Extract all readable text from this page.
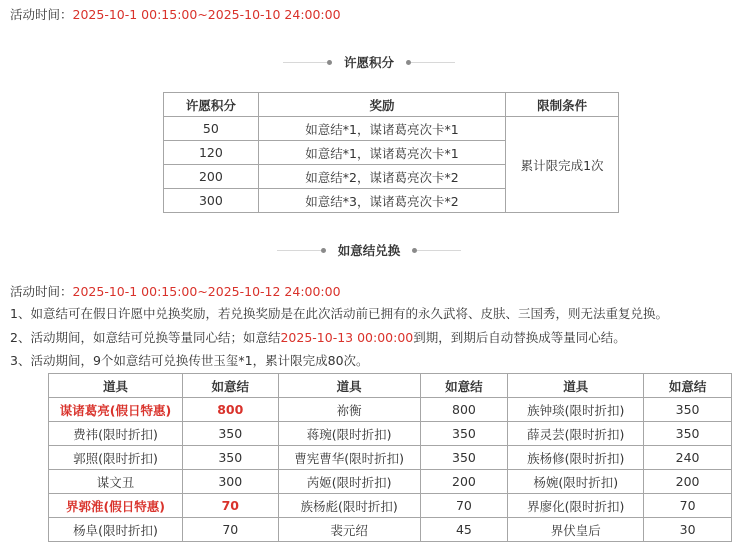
活动时间：2025-10-1 00:15:00~2025-10-10 24:00:00
许愿积分
许愿积分	奖励	限制条件
50	如意结*1，谋诸葛亮次卡*1	累计限完成1次
120	如意结*1，谋诸葛亮次卡*1	
200	如意结*2，谋诸葛亮次卡*2	
300	如意结*3，谋诸葛亮次卡*2	
如意结兑换
活动时间：2025-10-1 00:15:00~2025-10-12 24:00:00
1、如意结可在假日许愿中兑换奖励，若兑换奖励是在此次活动前已拥有的永久武将、皮肤、三国秀，则无法重复兑换。
2、活动期间，如意结可兑换等量同心结；如意结2025-10-13 00:00:00到期，到期后自动替换成等量同心结。
3、活动期间，9个如意结可兑换传世玉玺*1，累计限完成80次。
道具	如意结	道具	如意结	道具	如意结
谋诸葛亮(假日特惠)	800	祢衡	800	族钟琰(限时折扣)	350
费祎(限时折扣)	350	蒋琬(限时折扣)	350	薛灵芸(限时折扣)	350
郭照(限时折扣)	350	曹宪曹华(限时折扣)	350	族杨修(限时折扣)	240
谋文丑	300	芮姬(限时折扣)	200	杨婉(限时折扣)	200
界郭淮(假日特惠)	70	族杨彪(限时折扣)	70	界廖化(限时折扣)	70
杨阜(限时折扣)	70	裴元绍	45	界伏皇后	30
